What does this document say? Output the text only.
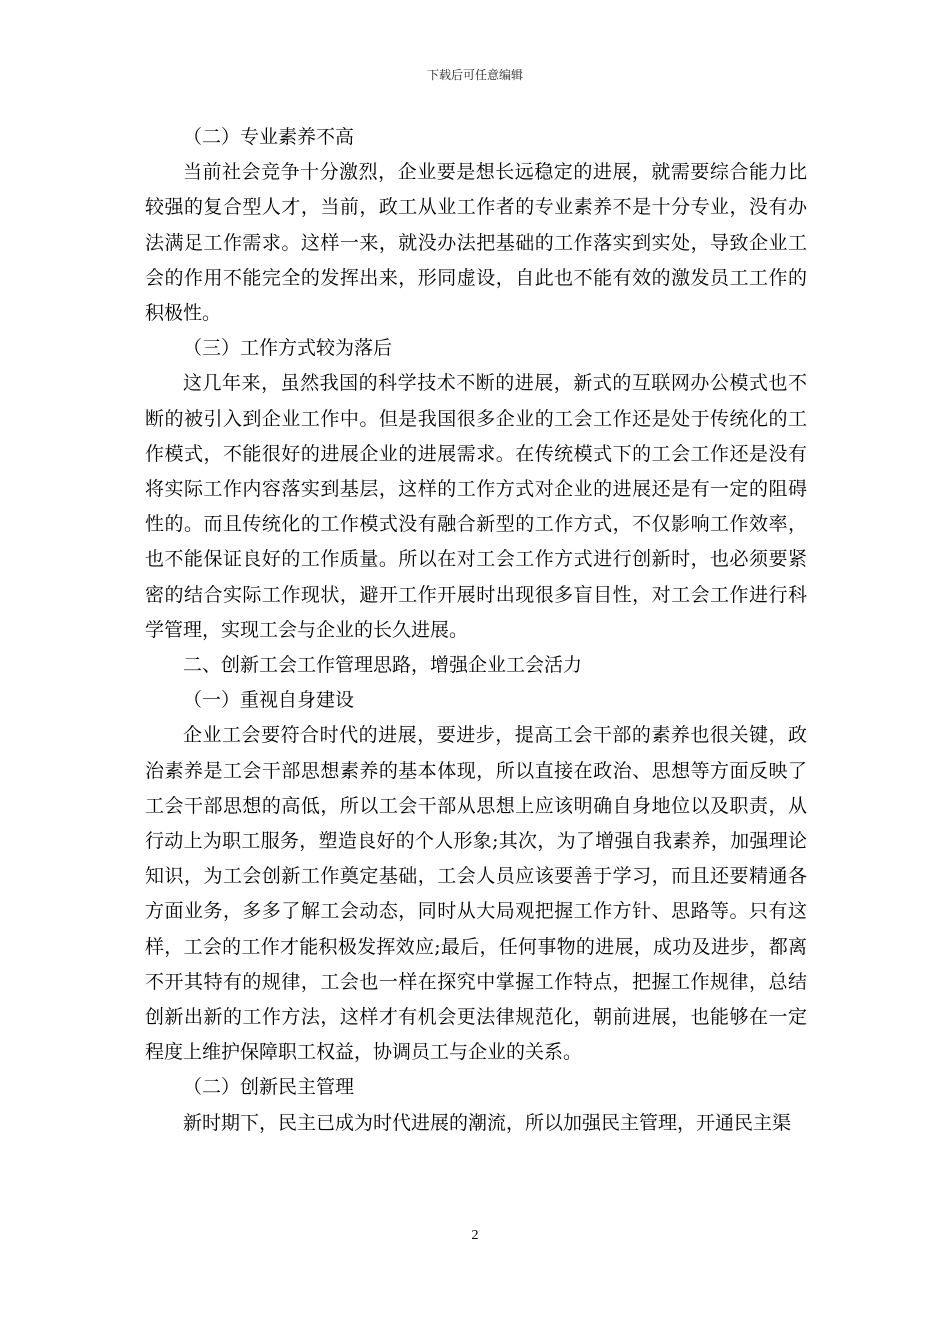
下载后可任意编辑

（二）专业素养不高

当前社会竞争十分激烈，企业要是想长远稳定的进展，就需要综合能力比较强的复合型人才，当前，政工从业工作者的专业素养不是十分专业，没有办法满足工作需求。这样一来，就没办法把基础的工作落实到实处，导致企业工会的作用不能完全的发挥出来，形同虚设，自此也不能有效的激发员工工作的积极性。

（三）工作方式较为落后

这几年来，虽然我国的科学技术不断的进展，新式的互联网办公模式也不断的被引入到企业工作中。但是我国很多企业的工会工作还是处于传统化的工作模式，不能很好的进展企业的进展需求。在传统模式下的工会工作还是没有将实际工作内容落实到基层，这样的工作方式对企业的进展还是有一定的阻碍性的。而且传统化的工作模式没有融合新型的工作方式，不仅影响工作效率，也不能保证良好的工作质量。所以在对工会工作方式进行创新时，也必须要紧密的结合实际工作现状，避开工作开展时出现很多盲目性，对工会工作进行科学管理，实现工会与企业的长久进展。

二、创新工会工作管理思路，增强企业工会活力

（一）重视自身建设

企业工会要符合时代的进展，要进步，提高工会干部的素养也很关键，政治素养是工会干部思想素养的基本体现，所以直接在政治、思想等方面反映了工会干部思想的高低，所以工会干部从思想上应该明确自身地位以及职责，从行动上为职工服务，塑造良好的个人形象;其次，为了增强自我素养，加强理论知识，为工会创新工作奠定基础，工会人员应该要善于学习，而且还要精通各方面业务，多多了解工会动态，同时从大局观把握工作方针、思路等。只有这样，工会的工作才能积极发挥效应;最后，任何事物的进展，成功及进步，都离不开其特有的规律，工会也一样在探究中掌握工作特点，把握工作规律，总结创新出新的工作方法，这样才有机会更法律规范化，朝前进展，也能够在一定程度上维护保障职工权益，协调员工与企业的关系。

（二）创新民主管理

新时期下，民主已成为时代进展的潮流，所以加强民主管理，开通民主渠

2
